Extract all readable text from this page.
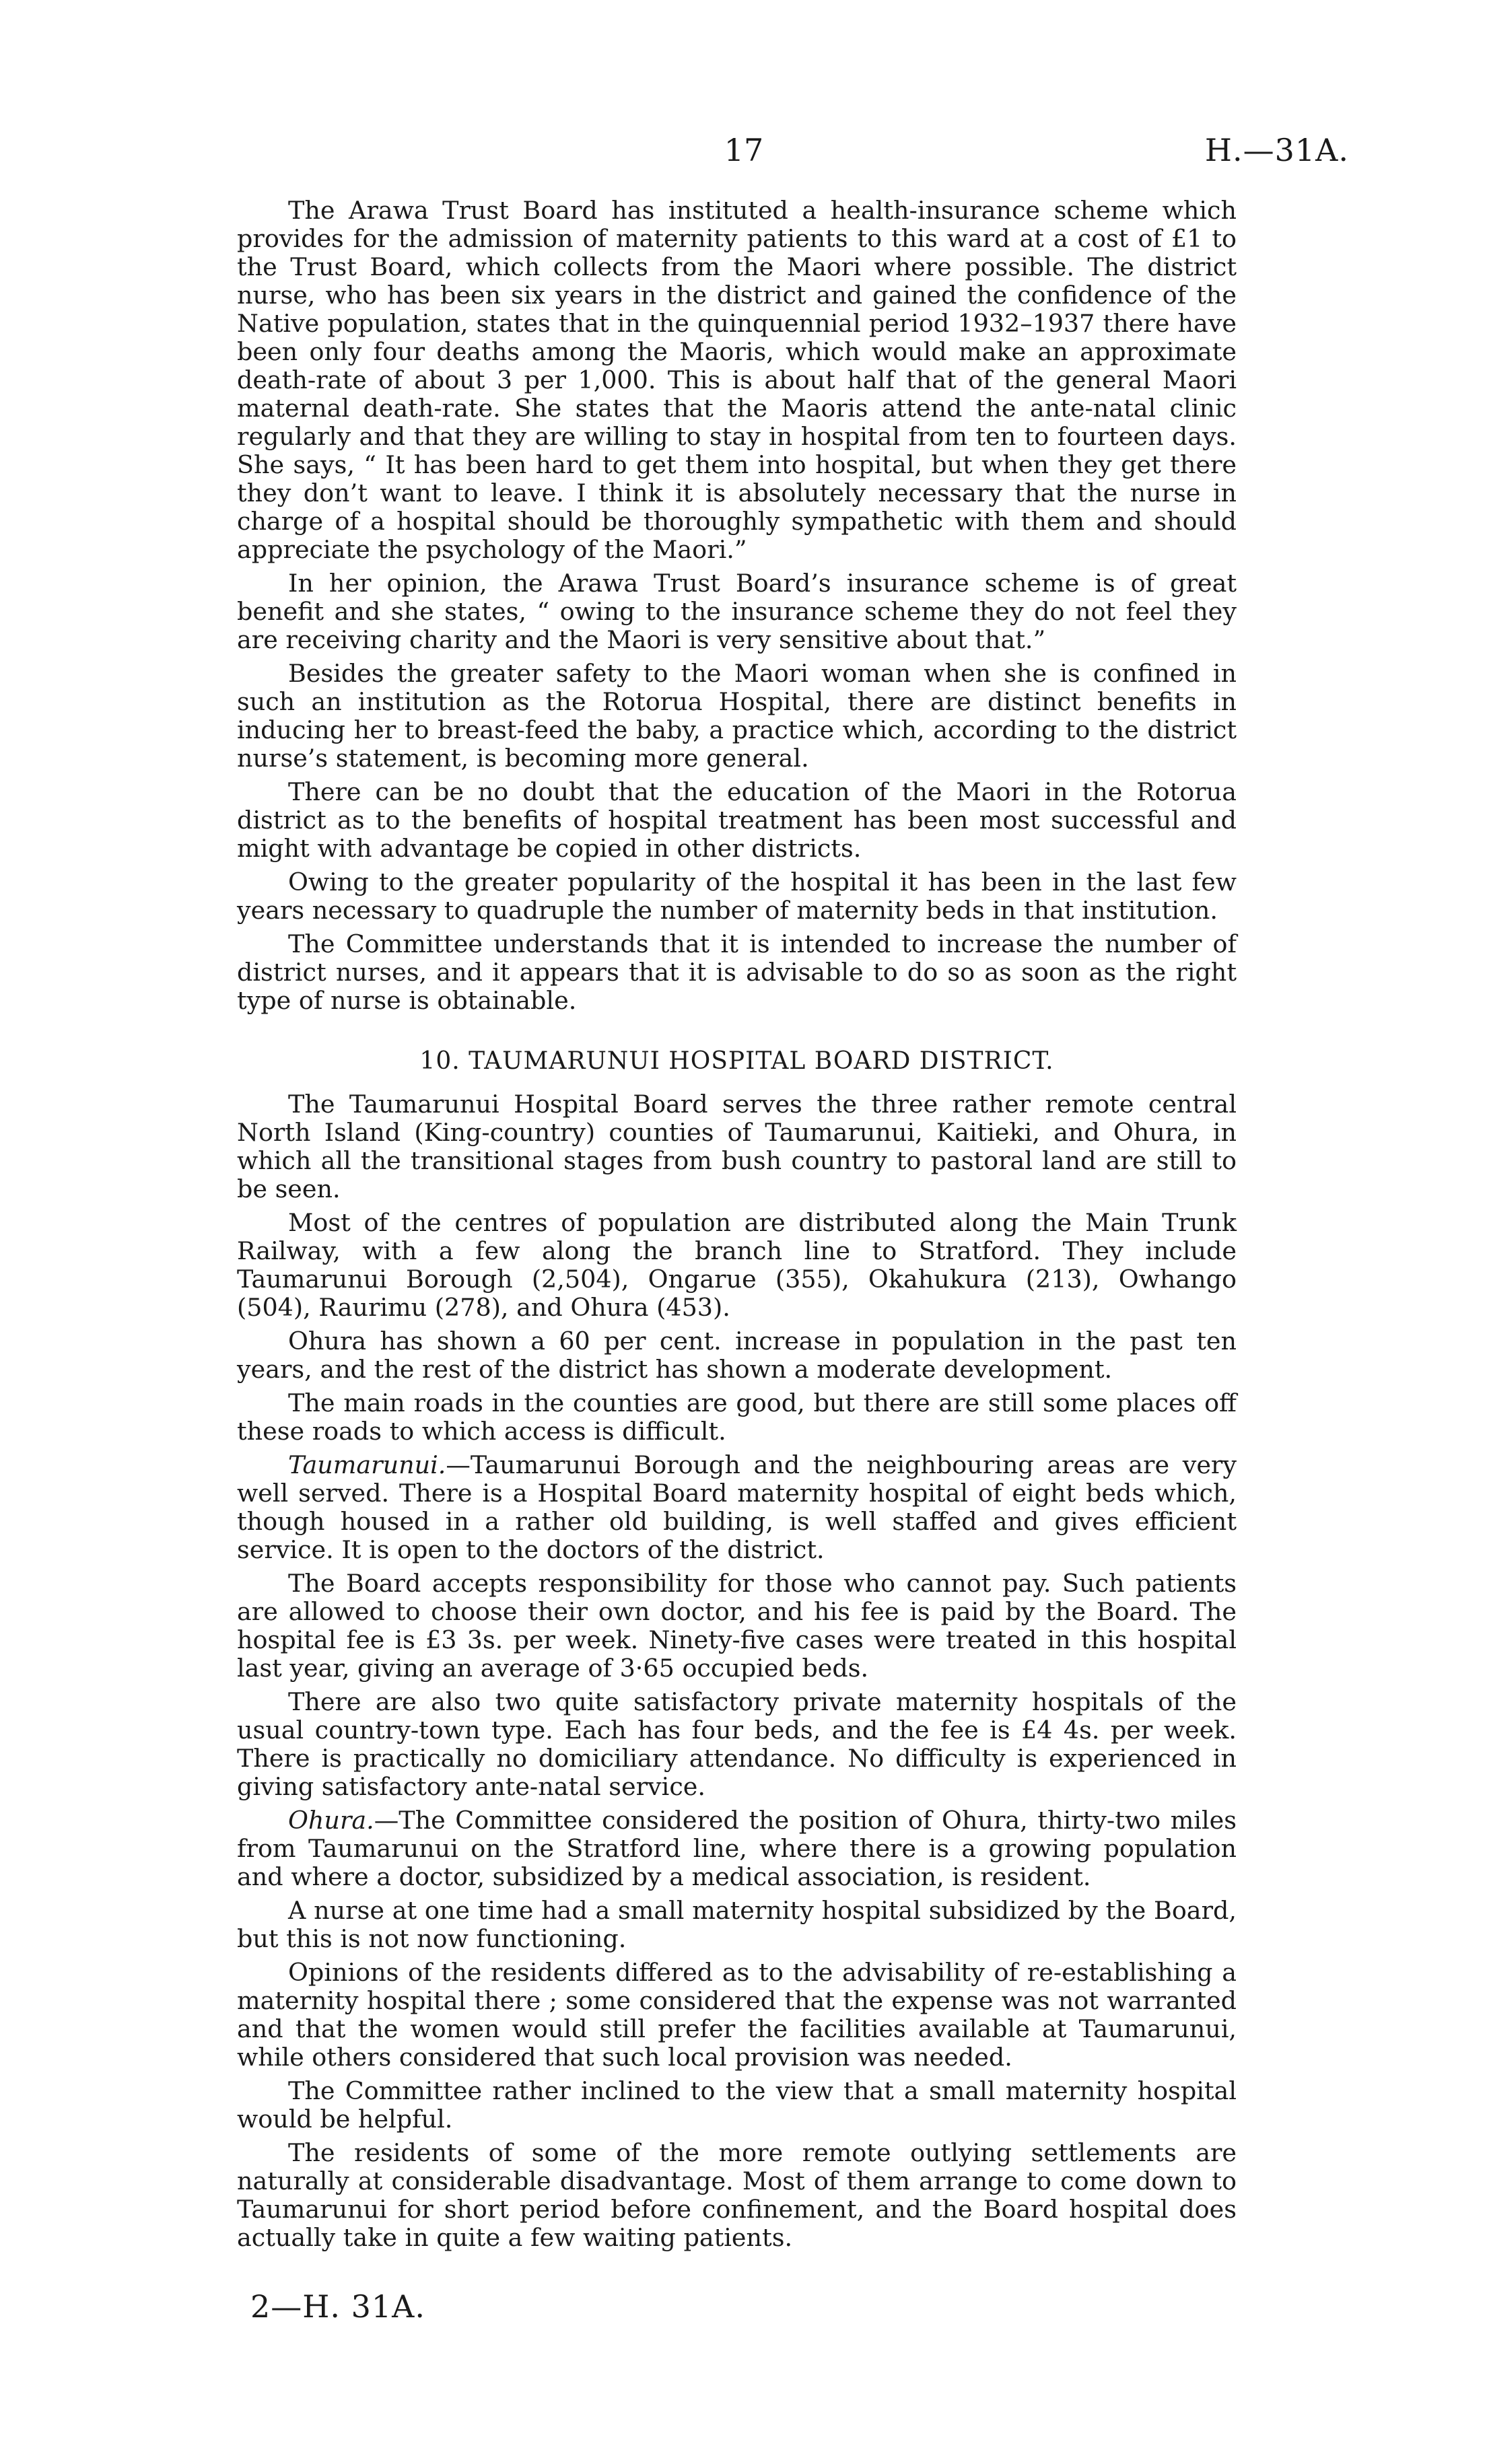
17	H.—31A.

The Arawa Trust Board has instituted a health-insurance scheme which provides for the admission of maternity patients to this ward at a cost of £1 to the Trust Board, which collects from the Maori where possible. The district nurse, who has been six years in the district and gained the confidence of the Native population, states that in the quinquennial period 1932–1937 there have been only four deaths among the Maoris, which would make an approximate death-rate of about 3 per 1,000. This is about half that of the general Maori maternal death-rate. She states that the Maoris attend the ante-natal clinic regularly and that they are willing to stay in hospital from ten to fourteen days. She says, “ It has been hard to get them into hospital, but when they get there they don’t want to leave. I think it is absolutely necessary that the nurse in charge of a hospital should be thoroughly sympathetic with them and should appreciate the psychology of the Maori.”

In her opinion, the Arawa Trust Board’s insurance scheme is of great benefit and she states, “ owing to the insurance scheme they do not feel they are receiving charity and the Maori is very sensitive about that.”

Besides the greater safety to the Maori woman when she is confined in such an institution as the Rotorua Hospital, there are distinct benefits in inducing her to breast-feed the baby, a practice which, according to the district nurse’s statement, is becoming more general.

There can be no doubt that the education of the Maori in the Rotorua district as to the benefits of hospital treatment has been most successful and might with advantage be copied in other districts.

Owing to the greater popularity of the hospital it has been in the last few years necessary to quadruple the number of maternity beds in that institution.

The Committee understands that it is intended to increase the number of district nurses, and it appears that it is advisable to do so as soon as the right type of nurse is obtainable.

10. TAUMARUNUI HOSPITAL BOARD DISTRICT.

The Taumarunui Hospital Board serves the three rather remote central North Island (King-country) counties of Taumarunui, Kaitieki, and Ohura, in which all the transitional stages from bush country to pastoral land are still to be seen.

Most of the centres of population are distributed along the Main Trunk Railway, with a few along the branch line to Stratford. They include Taumarunui Borough (2,504), Ongarue (355), Okahukura (213), Owhango (504), Raurimu (278), and Ohura (453).

Ohura has shown a 60 per cent. increase in population in the past ten years, and the rest of the district has shown a moderate development.

The main roads in the counties are good, but there are still some places off these roads to which access is difficult.

Taumarunui.—Taumarunui Borough and the neighbouring areas are very well served. There is a Hospital Board maternity hospital of eight beds which, though housed in a rather old building, is well staffed and gives efficient service. It is open to the doctors of the district.

The Board accepts responsibility for those who cannot pay. Such patients are allowed to choose their own doctor, and his fee is paid by the Board. The hospital fee is £3 3s. per week. Ninety-five cases were treated in this hospital last year, giving an average of 3·65 occupied beds.

There are also two quite satisfactory private maternity hospitals of the usual country-town type. Each has four beds, and the fee is £4 4s. per week. There is practically no domiciliary attendance. No difficulty is experienced in giving satisfactory ante-natal service.

Ohura.—The Committee considered the position of Ohura, thirty-two miles from Taumarunui on the Stratford line, where there is a growing population and where a doctor, subsidized by a medical association, is resident.

A nurse at one time had a small maternity hospital subsidized by the Board, but this is not now functioning.

Opinions of the residents differed as to the advisability of re-establishing a maternity hospital there ; some considered that the expense was not warranted and that the women would still prefer the facilities available at Taumarunui, while others considered that such local provision was needed.

The Committee rather inclined to the view that a small maternity hospital would be helpful.

The residents of some of the more remote outlying settlements are naturally at considerable disadvantage. Most of them arrange to come down to Taumarunui for short period before confinement, and the Board hospital does actually take in quite a few waiting patients.

2—H. 31A.
